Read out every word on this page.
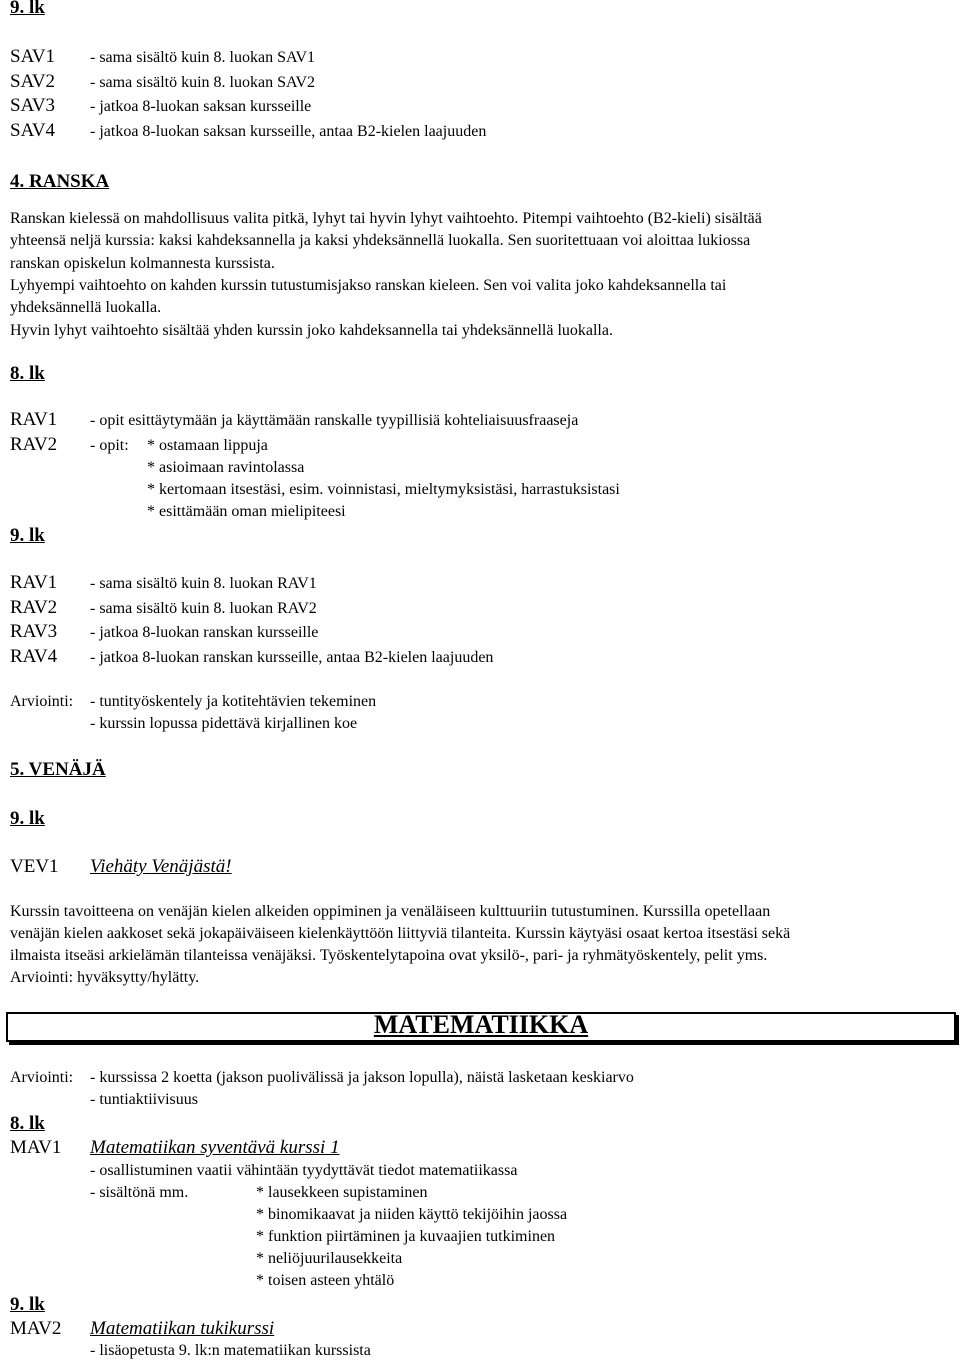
9. lk
SAV1 - sama sisältö kuin 8. luokan SAV1
SAV2 - sama sisältö kuin 8. luokan SAV2
SAV3 - jatkoa 8-luokan saksan kursseille
SAV4 - jatkoa 8-luokan saksan kursseille, antaa B2-kielen laajuuden
4. RANSKA
Ranskan kielessä on mahdollisuus valita pitkä, lyhyt tai hyvin lyhyt vaihtoehto. Pitempi vaihtoehto (B2-kieli) sisältää
yhteensä neljä kurssia: kaksi kahdeksannella ja kaksi yhdeksännellä luokalla. Sen suoritettuaan voi aloittaa lukiossa
ranskan opiskelun kolmannesta kurssista.
Lyhyempi vaihtoehto on kahden kurssin tutustumisjakso ranskan kieleen. Sen voi valita joko kahdeksannella tai
yhdeksännellä luokalla.
Hyvin lyhyt vaihtoehto sisältää yhden kurssin joko kahdeksannella tai yhdeksännellä luokalla.
8. lk
RAV1 - opit esittäytymään ja käyttämään ranskalle tyypillisiä kohteliaisuusfraaseja
RAV2 - opit: * ostamaan lippuja
* asioimaan ravintolassa
* kertomaan itsestäsi, esim. voinnistasi, mieltymyksistäsi, harrastuksistasi
* esittämään oman mielipiteesi
9. lk
RAV1 - sama sisältö kuin 8. luokan RAV1
RAV2 - sama sisältö kuin 8. luokan RAV2
RAV3 - jatkoa 8-luokan ranskan kursseille
RAV4 - jatkoa 8-luokan ranskan kursseille, antaa B2-kielen laajuuden
Arviointi: - tuntityöskentely ja kotitehtävien tekeminen
- kurssin lopussa pidettävä kirjallinen koe
5. VENÄJÄ
9. lk
VEV1 Viehäty Venäjästä!
Kurssin tavoitteena on venäjän kielen alkeiden oppiminen ja venäläiseen kulttuuriin tutustuminen. Kurssilla opetellaan
venäjän kielen aakkoset sekä jokapäiväiseen kielenkäyttöön liittyviä tilanteita. Kurssin käytyäsi osaat kertoa itsestäsi sekä
ilmaista itseäsi arkielämän tilanteissa venäjäksi. Työskentelytapoina ovat yksilö-, pari- ja ryhmätyöskentely, pelit yms.
Arviointi: hyväksytty/hylätty.
MATEMATIIKKA
Arviointi: - kurssissa 2 koetta (jakson puolivälissä ja jakson lopulla), näistä lasketaan keskiarvo
- tuntiaktiivisuus
8. lk
MAV1 Matematiikan syventävä kurssi 1
- osallistuminen vaatii vähintään tyydyttävät tiedot matematiikassa
- sisältönä mm.	* lausekkeen supistaminen
* binomikaavat ja niiden käyttö tekijöihin jaossa
* funktion piirtäminen ja kuvaajien tutkiminen
* neliöjuurilausekkeita
* toisen asteen yhtälö
9. lk
MAV2 Matematiikan tukikurssi
- lisäopetusta 9. lk:n matematiikan kurssista
